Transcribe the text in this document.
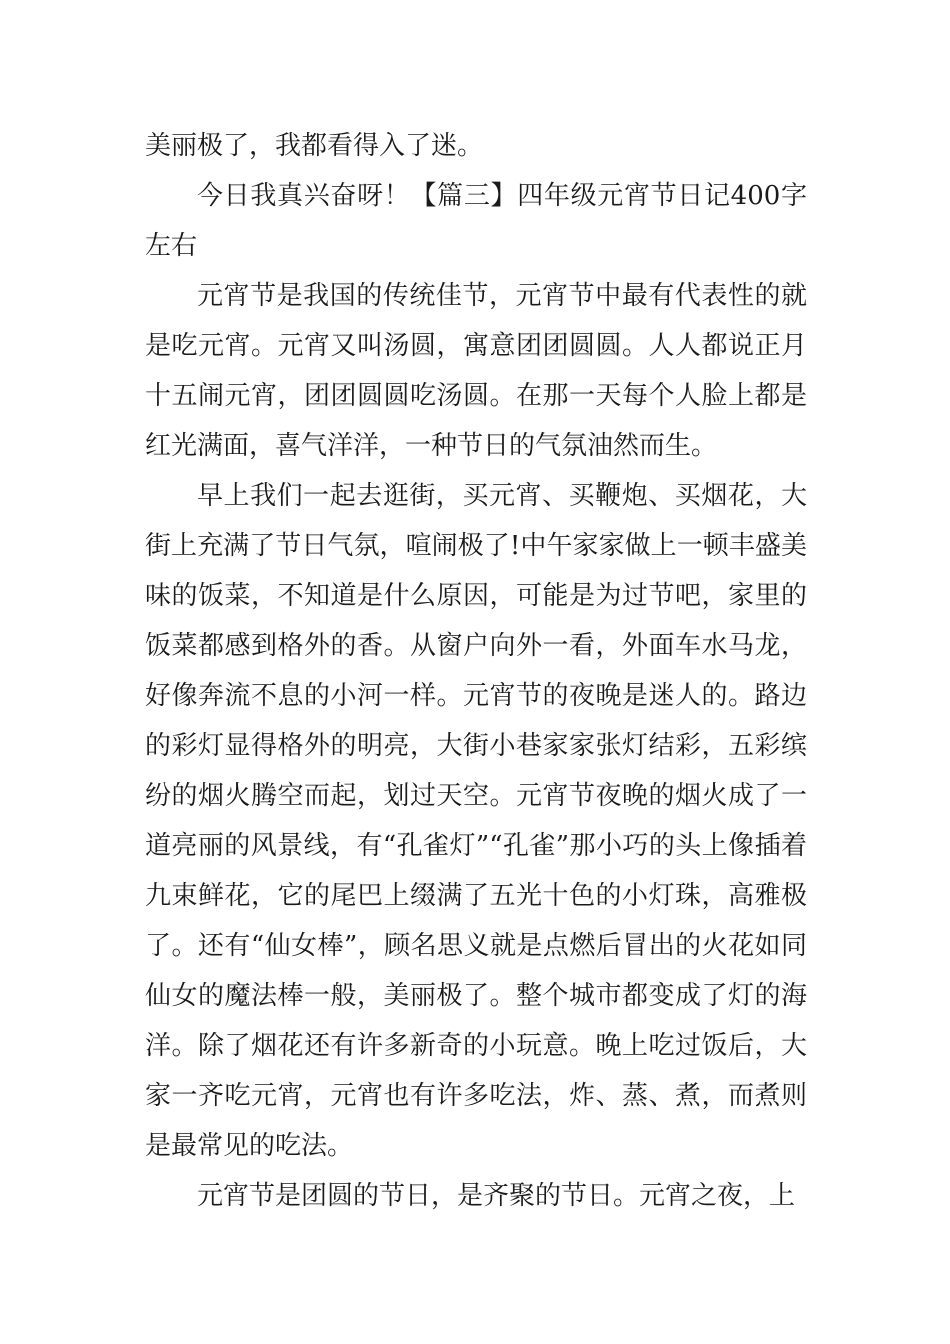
美丽极了，我都看得入了迷。

今日我真兴奋呀！【篇三】四年级元宵节日记400字左右

元宵节是我国的传统佳节，元宵节中最有代表性的就是吃元宵。元宵又叫汤圆，寓意团团圆圆。人人都说正月十五闹元宵，团团圆圆吃汤圆。在那一天每个人脸上都是红光满面，喜气洋洋，一种节日的气氛油然而生。

早上我们一起去逛街，买元宵、买鞭炮、买烟花，大街上充满了节日气氛，喧闹极了!中午家家做上一顿丰盛美味的饭菜，不知道是什么原因，可能是为过节吧，家里的饭菜都感到格外的香。从窗户向外一看，外面车水马龙，好像奔流不息的小河一样。元宵节的夜晚是迷人的。路边的彩灯显得格外的明亮，大街小巷家家张灯结彩，五彩缤纷的烟火腾空而起，划过天空。元宵节夜晚的烟火成了一道亮丽的风景线，有“孔雀灯”“孔雀”那小巧的头上像插着九束鲜花，它的尾巴上缀满了五光十色的小灯珠，高雅极了。还有“仙女棒”，顾名思义就是点燃后冒出的火花如同仙女的魔法棒一般，美丽极了。整个城市都变成了灯的海洋。除了烟花还有许多新奇的小玩意。晚上吃过饭后，大家一齐吃元宵，元宵也有许多吃法，炸、蒸、煮，而煮则是最常见的吃法。

元宵节是团圆的节日，是齐聚的节日。元宵之夜，上
